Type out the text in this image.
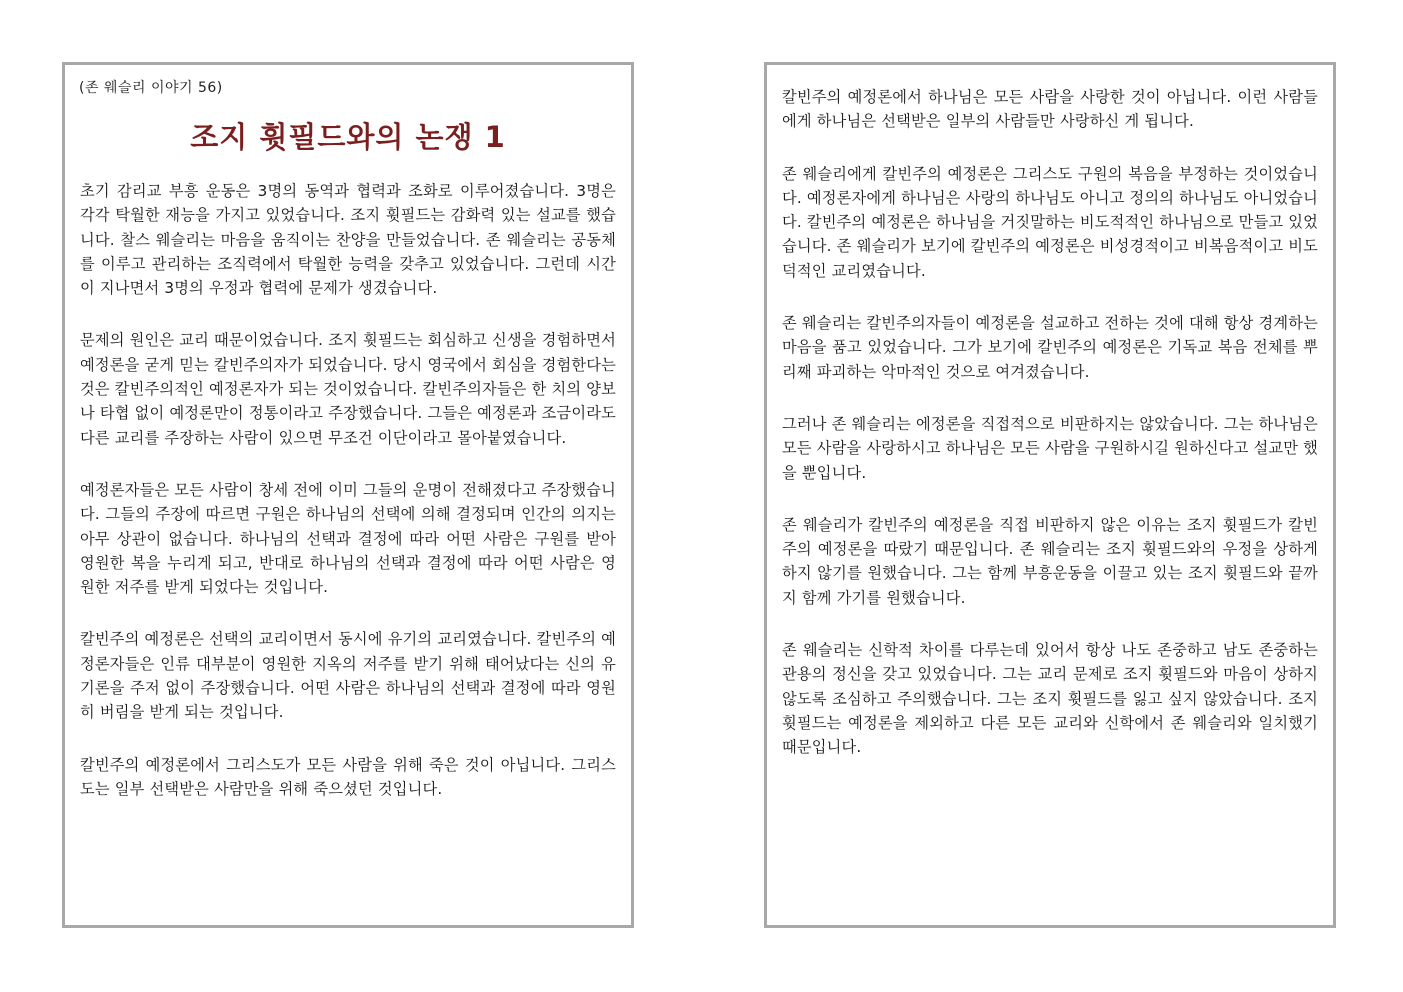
(존 웨슬리 이야기 56)
조지 휫필드와의 논쟁 1

초기 감리교 부흥 운동은 3명의 동역과 협력과 조화로 이루어졌습니다. 3명은 각각 탁월한 재능을 가지고 있었습니다. 조지 휫필드는 감화력 있는 설교를 했습니다. 찰스 웨슬리는 마음을 움직이는 찬양을 만들었습니다. 존 웨슬리는 공동체를 이루고 관리하는 조직력에서 탁월한 능력을 갖추고 있었습니다. 그런데 시간이 지나면서 3명의 우정과 협력에 문제가 생겼습니다.

문제의 원인은 교리 때문이었습니다. 조지 휫필드는 회심하고 신생을 경험하면서 예정론을 굳게 믿는 칼빈주의자가 되었습니다. 당시 영국에서 회심을 경험한다는 것은 칼빈주의적인 예정론자가 되는 것이었습니다. 칼빈주의자들은 한 치의 양보나 타협 없이 예정론만이 정통이라고 주장했습니다. 그들은 예정론과 조금이라도 다른 교리를 주장하는 사람이 있으면 무조건 이단이라고 몰아붙였습니다.

예정론자들은 모든 사람이 창세 전에 이미 그들의 운명이 전해졌다고 주장했습니다. 그들의 주장에 따르면 구원은 하나님의 선택에 의해 결정되며 인간의 의지는 아무 상관이 없습니다. 하나님의 선택과 결정에 따라 어떤 사람은 구원를 받아 영원한 복을 누리게 되고, 반대로 하나님의 선택과 결정에 따라 어떤 사람은 영원한 저주를 받게 되었다는 것입니다.

칼빈주의 예정론은 선택의 교리이면서 동시에 유기의 교리였습니다. 칼빈주의 예정론자들은 인류 대부분이 영원한 지옥의 저주를 받기 위해 태어났다는 신의 유기론을 주저 없이 주장했습니다. 어떤 사람은 하나님의 선택과 결정에 따라 영원히 버림을 받게 되는 것입니다.

칼빈주의 예정론에서 그리스도가 모든 사람을 위해 죽은 것이 아닙니다. 그리스도는 일부 선택받은 사람만을 위해 죽으셨던 것입니다.

칼빈주의 예정론에서 하나님은 모든 사람을 사랑한 것이 아닙니다. 이런 사람들에게 하나님은 선택받은 일부의 사람들만 사랑하신 게 됩니다.

존 웨슬리에게 칼빈주의 예정론은 그리스도 구원의 복음을 부정하는 것이었습니다. 예정론자에게 하나님은 사랑의 하나님도 아니고 정의의 하나님도 아니었습니다. 칼빈주의 예정론은 하나님을 거짓말하는 비도적적인 하나님으로 만들고 있었습니다. 존 웨슬리가 보기에 칼빈주의 예정론은 비성경적이고 비복음적이고 비도덕적인 교리였습니다.

존 웨슬리는 칼빈주의자들이 예정론을 설교하고 전하는 것에 대해 항상 경계하는 마음을 품고 있었습니다. 그가 보기에 칼빈주의 예정론은 기독교 복음 전체를 뿌리째 파괴하는 악마적인 것으로 여겨졌습니다.

그러나 존 웨슬리는 에정론을 직접적으로 비판하지는 않았습니다. 그는 하나님은 모든 사람을 사랑하시고 하나님은 모든 사람을 구원하시길 원하신다고 설교만 했을 뿐입니다.

존 웨슬리가 칼빈주의 예정론을 직접 비판하지 않은 이유는 조지 휫필드가 칼빈주의 예정론을 따랐기 때문입니다. 존 웨슬리는 조지 휫필드와의 우정을 상하게 하지 않기를 원했습니다. 그는 함께 부흥운동을 이끌고 있는 조지 휫필드와 끝까지 함께 가기를 원했습니다.

존 웨슬리는 신학적 차이를 다루는데 있어서 항상 나도 존중하고 남도 존중하는 관용의 정신을 갖고 있었습니다. 그는 교리 문제로 조지 휫필드와 마음이 상하지 않도록 조심하고 주의했습니다. 그는 조지 휫필드를 잃고 싶지 않았습니다. 조지 휫필드는 예정론을 제외하고 다른 모든 교리와 신학에서 존 웨슬리와 일치했기 때문입니다.
